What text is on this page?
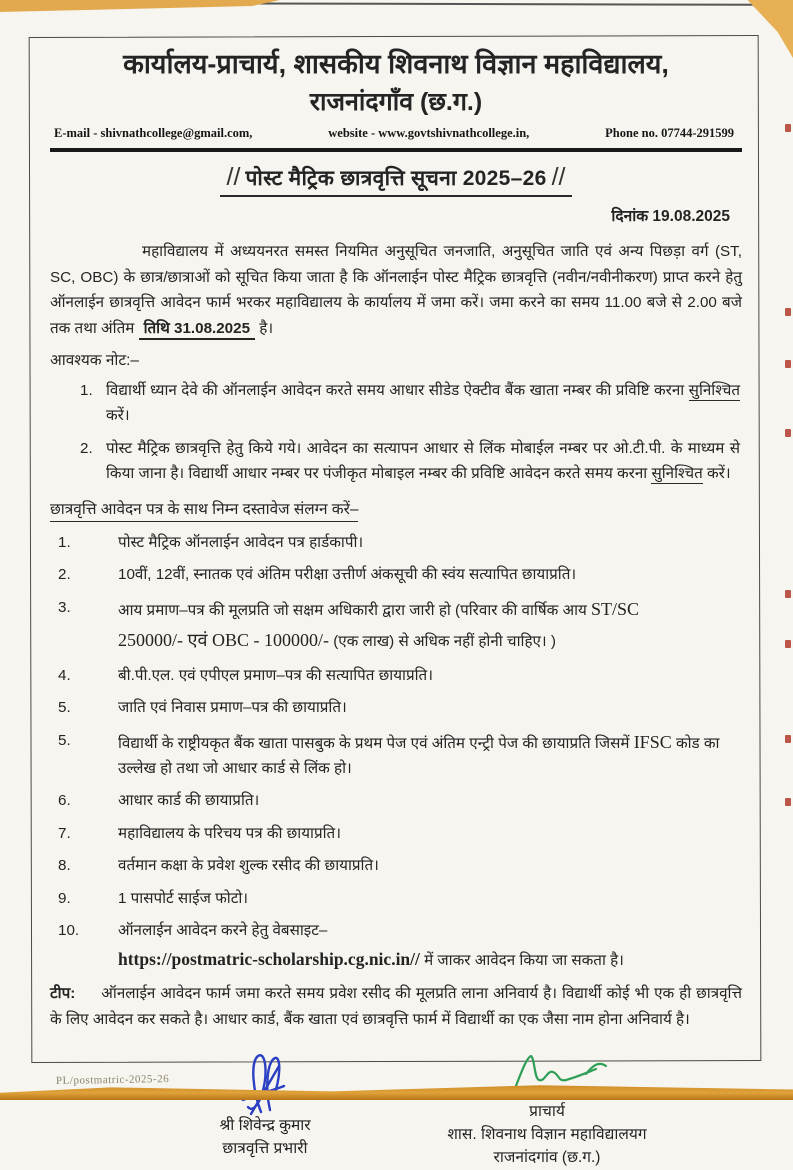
कार्यालय-प्राचार्य, शासकीय शिवनाथ विज्ञान महाविद्यालय,
राजनांदगाँव (छ.ग.)
E-mail - shivnathcollege@gmail.com,	website - www.govtshivnathcollege.in,	Phone no. 07744-291599
// पोस्ट मैट्रिक छात्रवृत्ति सूचना 2025–26 //
दिनांक 19.08.2025

महाविद्यालय में अध्ययनरत समस्त नियमित अनुसूचित जनजाति, अनुसूचित जाति एवं अन्य पिछड़ा वर्ग (ST, SC, OBC) के छात्र/छात्राओं को सूचित किया जाता है कि ऑनलाईन पोस्ट मैट्रिक छात्रवृत्ति (नवीन/नवीनीकरण) प्राप्त करने हेतु ऑनलाईन छात्रवृत्ति आवेदन फार्म भरकर महाविद्यालय के कार्यालय में जमा करें। जमा करने का समय 11.00 बजे से 2.00 बजे तक तथा अंतिम तिथि 31.08.2025 है।

आवश्यक नोट:–
1. विद्यार्थी ध्यान देवे की ऑनलाईन आवेदन करते समय आधार सीडेड ऐक्टीव बैंक खाता नम्बर की प्रविष्टि करना सुनिश्चित करें।
2. पोस्ट मैट्रिक छात्रवृत्ति हेतु किये गये। आवेदन का सत्यापन आधार से लिंक मोबाईल नम्बर पर ओ.टी.पी. के माध्यम से किया जाना है। विद्यार्थी आधार नम्बर पर पंजीकृत मोबाइल नम्बर की प्रविष्टि आवेदन करते समय करना सुनिश्चित करें।
छात्रवृत्ति आवेदन पत्र के साथ निम्न दस्तावेज संलग्न करें–
1.	पोस्ट मैट्रिक ऑनलाईन आवेदन पत्र हार्डकापी।
2.	10वीं, 12वीं, स्नातक एवं अंतिम परीक्षा उत्तीर्ण अंकसूची की स्वंय सत्यापित छायाप्रति।
3.	आय प्रमाण–पत्र की मूलप्रति जो सक्षम अधिकारी द्वारा जारी हो (परिवार की वार्षिक आय ST/SC
250000/- एवं OBC - 100000/- (एक लाख) से अधिक नहीं होनी चाहिए। )
4.	बी.पी.एल. एवं एपीएल प्रमाण–पत्र की सत्यापित छायाप्रति।
5.	जाति एवं निवास प्रमाण–पत्र की छायाप्रति।
5.	विद्यार्थी के राष्ट्रीयकृत बैंक खाता पासबुक के प्रथम पेज एवं अंतिम एन्ट्री पेज की छायाप्रति जिसमें IFSC कोड का उल्लेख हो तथा जो आधार कार्ड से लिंक हो।
6.	आधार कार्ड की छायाप्रति।
7.	महाविद्यालय के परिचय पत्र की छायाप्रति।
8.	वर्तमान कक्षा के प्रवेश शुल्क रसीद की छायाप्रति।
9.	1 पासपोर्ट साईज फोटो।
10.	ऑनलाईन आवेदन करने हेतु वेबसाइट–
https://postmatric-scholarship.cg.nic.in// में जाकर आवेदन किया जा सकता है।

टीप: ऑनलाईन आवेदन फार्म जमा करते समय प्रवेश रसीद की मूलप्रति लाना अनिवार्य है। विद्यार्थी कोई भी एक ही छात्रवृत्ति के लिए आवेदन कर सकते है। आधार कार्ड, बैंक खाता एवं छात्रवृत्ति फार्म में विद्यार्थी का एक जैसा नाम होना अनिवार्य है।

श्री शिवेन्द्र कुमार
छात्रवृत्ति प्रभारी
प्राचार्य
शास. शिवनाथ विज्ञान महाविद्यालयग
राजनांदगांव (छ.ग.)
PL/postmatric-2025-26
